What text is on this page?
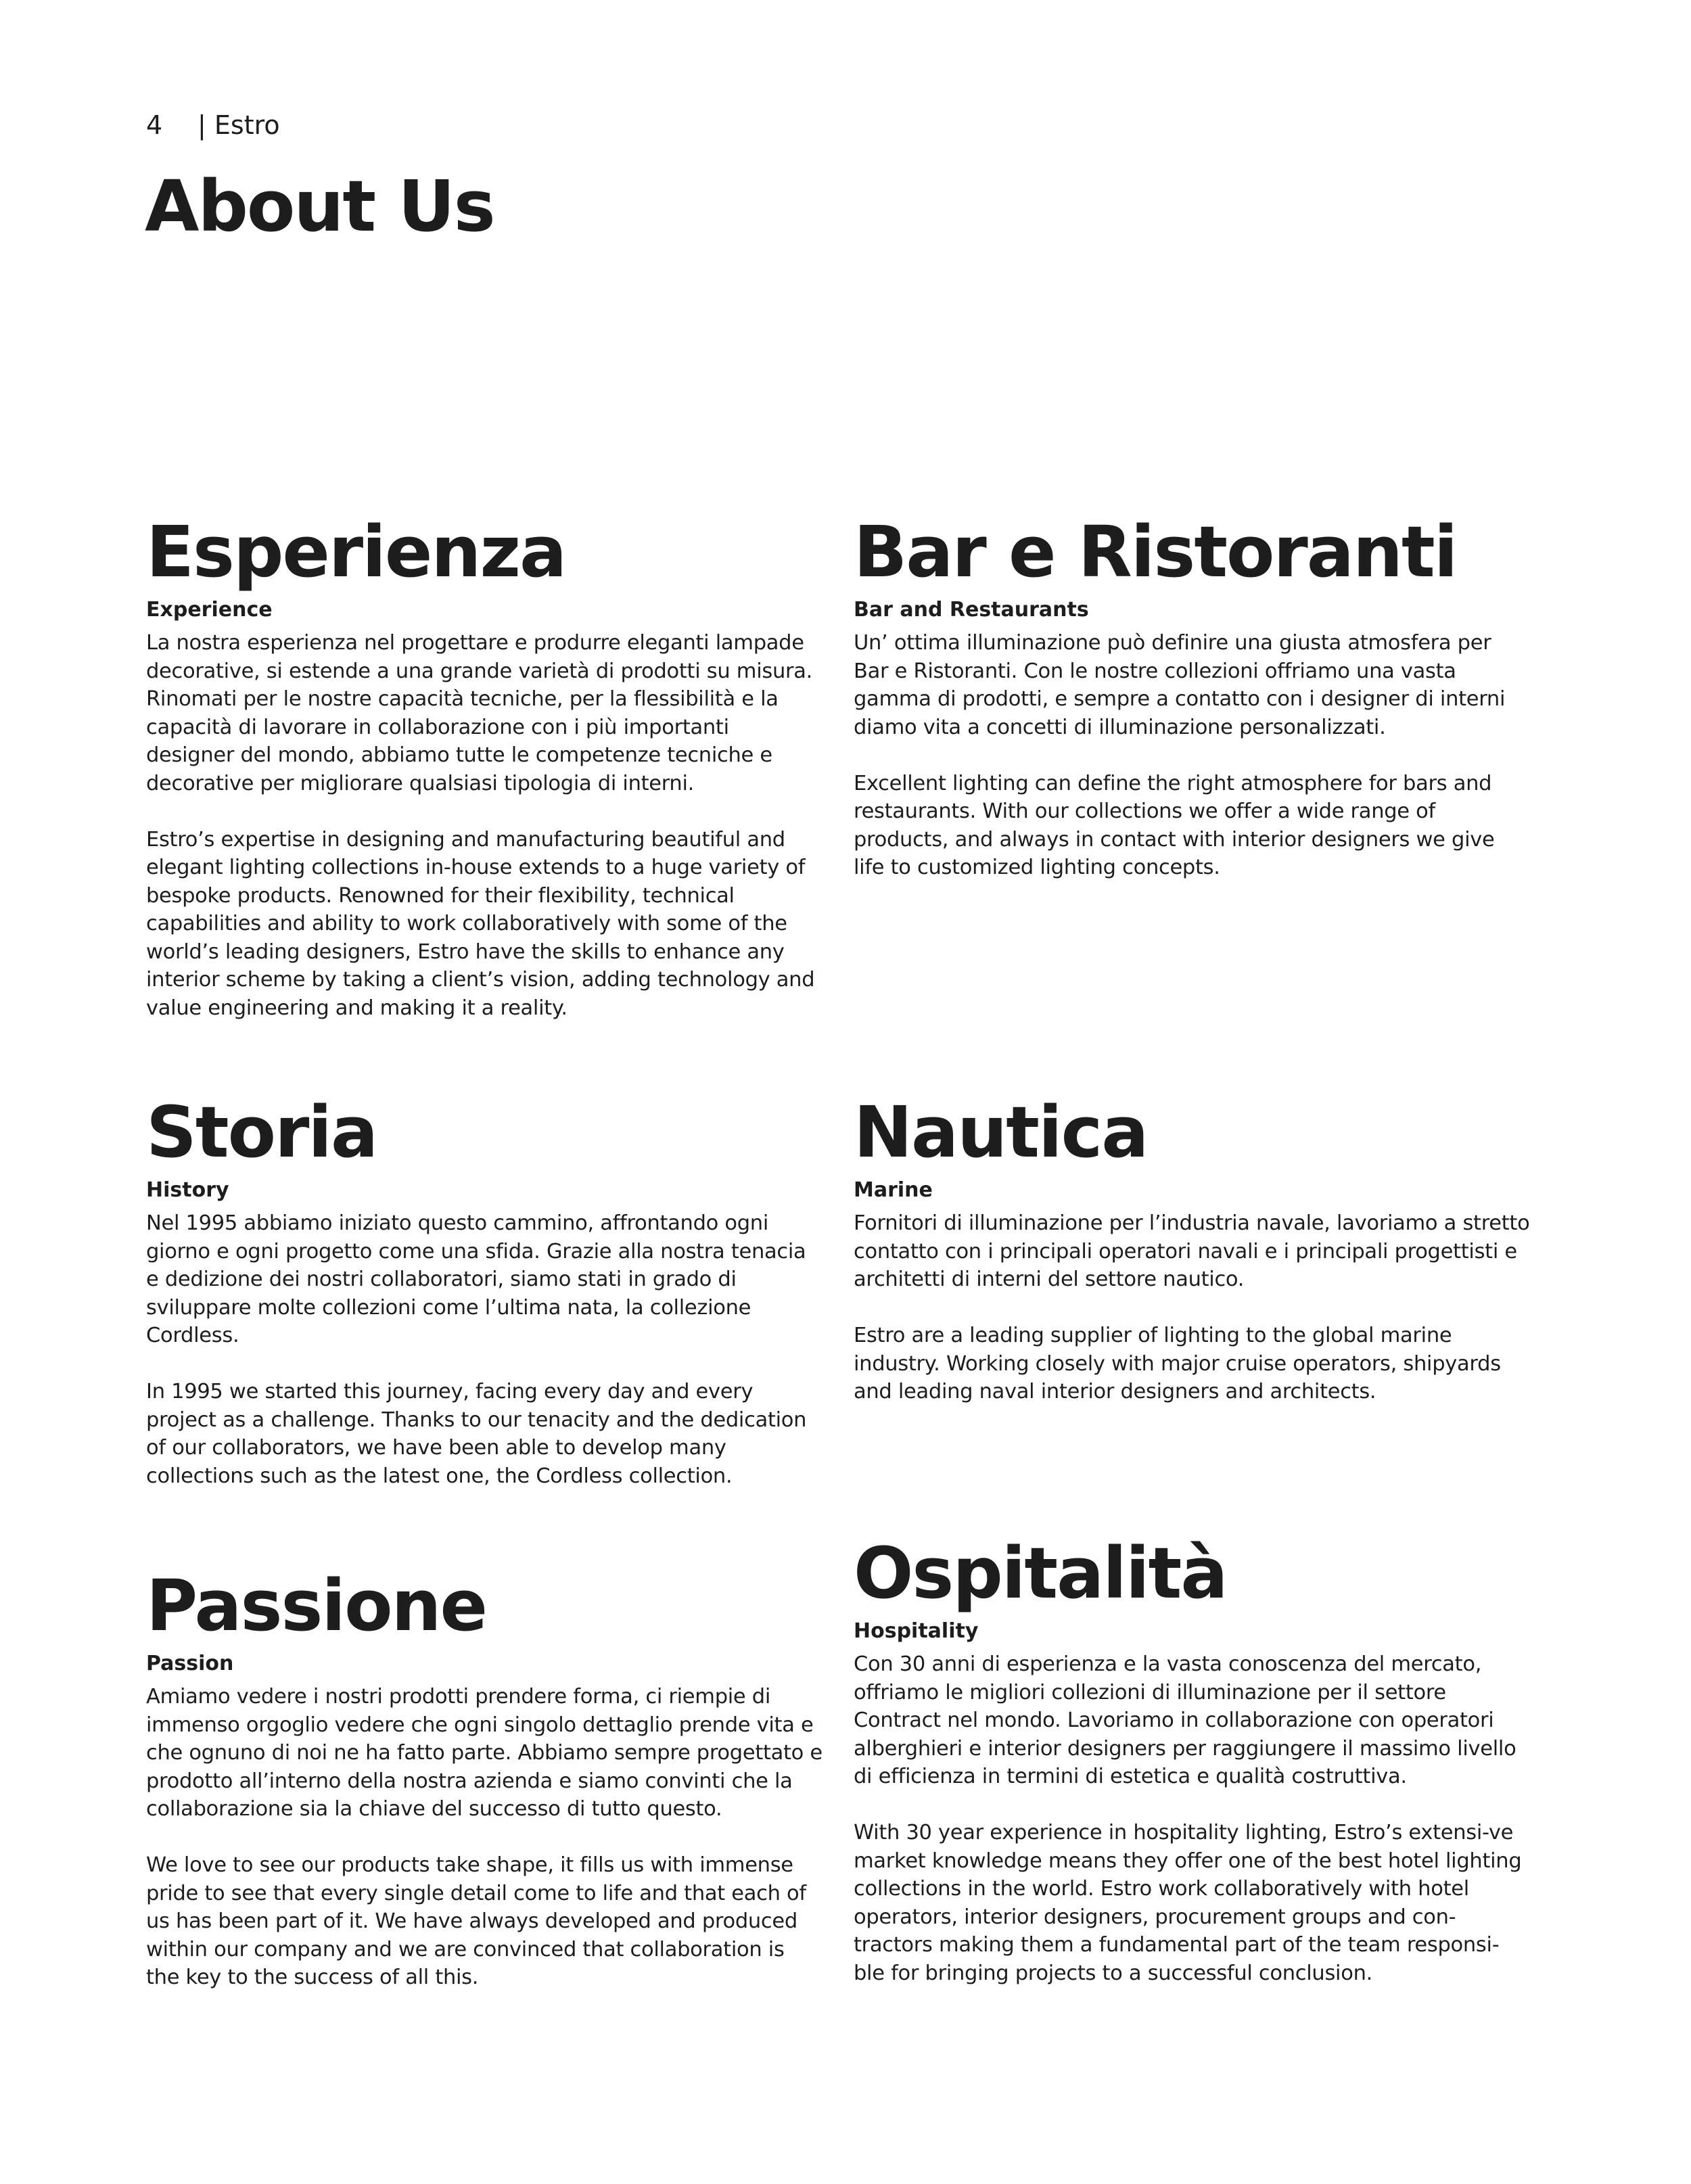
4 | Estro
About Us
Esperienza
Experience

La nostra esperienza nel progettare e produrre eleganti lampade decorative, si estende a una grande varietà di prodotti su misura. Rinomati per le nostre capacità tecniche, per la flessibilità e la capacità di lavorare in collaborazione con i più importanti designer del mondo, abbiamo tutte le competenze tecniche e decorative per migliorare qualsiasi tipologia di interni.

Estro’s expertise in designing and manufacturing beautiful and elegant lighting collections in-house extends to a huge variety of bespoke products. Renowned for their flexibility, technical capabilities and ability to work collaboratively with some of the world’s leading designers, Estro have the skills to enhance any interior scheme by taking a client’s vision, adding technology and value engineering and making it a reality.

Bar e Ristoranti
Bar and Restaurants

Un’ ottima illuminazione può definire una giusta atmosfera per Bar e Ristoranti. Con le nostre collezioni offriamo una vasta gamma di prodotti, e sempre a contatto con i designer di interni diamo vita a concetti di illuminazione personalizzati.

Excellent lighting can define the right atmosphere for bars and restaurants. With our collections we offer a wide range of products, and always in contact with interior designers we give life to customized lighting concepts.

Storia
History

Nel 1995 abbiamo iniziato questo cammino, affrontando ogni giorno e ogni progetto come una sfida. Grazie alla nostra tenacia e dedizione dei nostri collaboratori, siamo stati in grado di sviluppare molte collezioni come l’ultima nata, la collezione Cordless.

In 1995 we started this journey, facing every day and every project as a challenge. Thanks to our tenacity and the dedication of our collaborators, we have been able to develop many collections such as the latest one, the Cordless collection.

Nautica
Marine

Fornitori di illuminazione per l’industria navale, lavoriamo a stretto contatto con i principali operatori navali e i principali progettisti e architetti di interni del settore nautico.

Estro are a leading supplier of lighting to the global marine industry. Working closely with major cruise operators, shipyards and leading naval interior designers and architects.

Passione
Passion

Amiamo vedere i nostri prodotti prendere forma, ci riempie di immenso orgoglio vedere che ogni singolo dettaglio prende vita e che ognuno di noi ne ha fatto parte. Abbiamo sempre progettato e prodotto all’interno della nostra azienda e siamo convinti che la collaborazione sia la chiave del successo di tutto questo.

We love to see our products take shape, it fills us with immense pride to see that every single detail come to life and that each of us has been part of it. We have always developed and produced within our company and we are convinced that collaboration is the key to the success of all this.

Ospitalità
Hospitality

Con 30 anni di esperienza e la vasta conoscenza del mercato, offriamo le migliori collezioni di illuminazione per il settore Contract nel mondo. Lavoriamo in collaborazione con operatori alberghieri e interior designers per raggiungere il massimo livello di efficienza in termini di estetica e qualità costruttiva.

With 30 year experience in hospitality lighting, Estro’s extensi-ve market knowledge means they offer one of the best hotel lighting collections in the world. Estro work collaboratively with hotel operators, interior designers, procurement groups and con-tractors making them a fundamental part of the team responsi-ble for bringing projects to a successful conclusion.
